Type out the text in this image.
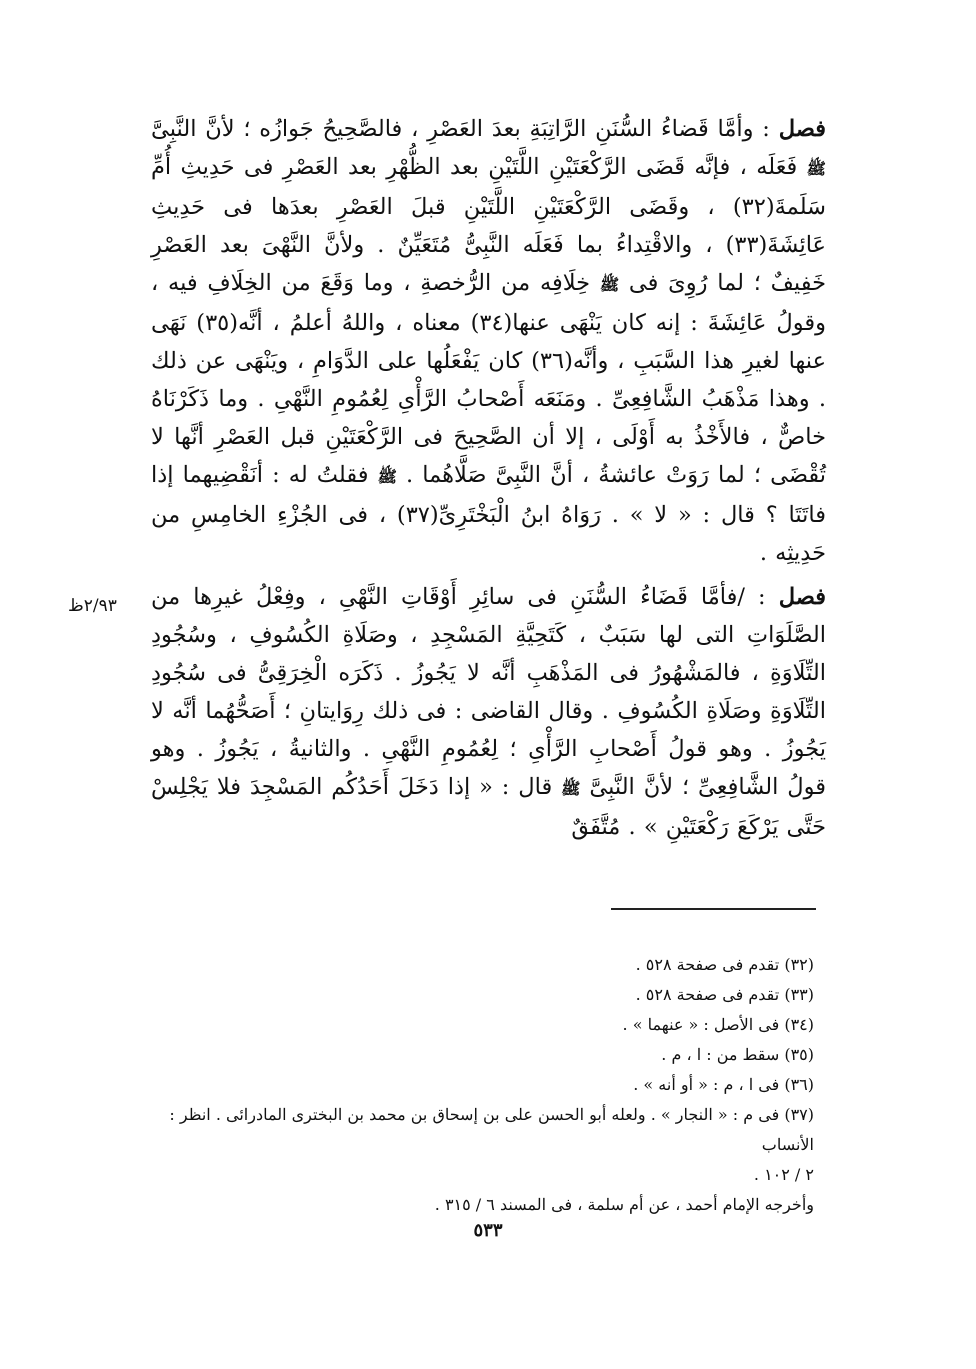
فصل : وأمَّا قَضاءُ السُّنَنِ الرَّاتِبَةِ بعدَ العَصْرِ ، فالصَّحِيحُ جَوازُه ؛ لأنَّ النَّبِىَّ ﷺ فَعَلَه ، فإنَّه قَضَى الرَّكْعَتَيْنِ اللَّتَيْنِ بعد الظُّهْرِ بعد العَصْرِ فى حَدِيثِ أُمِّ سَلَمةَ(٣٢) ، وقَضَى الرَّكْعَتَيْنِ اللَّتَيْنِ قبلَ العَصْرِ بعدَها فى حَدِيثِ عَائِشَةَ(٣٣) ، والاقْتِداءُ بما فَعَلَه النَّبِىُّ مُتَعَيِّنٌ . ولأنَّ النَّهْىَ بعد العَصْرِ خَفِيفٌ ؛ لما رُوِىَ فى ﷺ خِلَافِه من الرُّخصةِ ، وما وَقَعَ من الخِلَافِ فيه ، وقولُ عَائِشَةَ : إنه كان يَنْهَى عنها(٣٤) معناه ، واللهُ أعلمُ ، أنَّه(٣٥) نَهَى عنها لغيرِ هذا السَّبَبِ ، وأنَّه(٣٦) كان يَفْعَلُها على الدَّوَامِ ، ويَنْهَى عن ذلك . وهذا مَذْهَبُ الشَّافِعِىِّ . ومَنَعَه أَصْحابُ الرَّأْىِ لِعُمُومِ النَّهْىِ . وما ذَكَرْنَاهُ خاصٌّ ، فالأَخْذُ به أَوْلَى ، إلا أن الصَّحِيحَ فى الرَّكْعَتَيْنِ قبل العَصْرِ أنَّها لا تُقْضَى ؛ لما رَوَتْ عائشةُ ، أنَّ النَّبِىَّ صَلَّاهُما . ﷺ فقلتُ له : أنَقْضِيهما إذا فاتَتَا ؟ قال : « لا » . رَوَاهُ ابنُ الْبَخْتَرِىِّ(٣٧) ، فى الجُزْءِ الخامِسِ من حَدِيثِه .

فصل : /فأمَّا قَضَاءُ السُّنَنِ فى سائِرِ أَوْقَاتِ النَّهْىِ ، وفِعْلُ غيرِها من الصَّلَوَاتِ التى لها سَبَبٌ ، كَتَحِيَّةِ المَسْجِدِ ، وصَلَاةِ الكُسُوفِ ، وسُجُودِ التِّلَاوَةِ ، فالمَشْهُورُ فى المَذْهَبِ أنَّه لا يَجُوزُ . ذَكَرَه الْخِرَقِىُّ فى سُجُودِ التِّلَاوَةِ وصَلَاةِ الكُسُوفِ . وقال القاضى : فى ذلك رِوَايتانِ ؛ أَصَحُّهُما أنَّه لا يَجُوزُ . وهو قولُ أَصْحابِ الرَّأْىِ ؛ لِعُمُومِ النَّهْىِ . والثانيةُ ، يَجُوزُ . وهو قولُ الشَّافِعِىِّ ؛ لأنَّ النَّبِىَّ ﷺ قال : « إذا دَخَلَ أَحَدُكُم المَسْجِدَ فلا يَجْلِسْ حَتَّى يَرْكَعَ رَكْعَتَيْنِ » . مُتَّفَقٌ

٢/٩٣ظ

(٣٢) تقدم فى صفحة ٥٢٨ .

(٣٣) تقدم فى صفحة ٥٢٨ .

(٣٤) فى الأصل : « عنهما » .

(٣٥) سقط من : ا ، م .

(٣٦) فى ا ، م : « أو أنه » .

(٣٧) فى م : « النجار » . ولعله أبو الحسن على بن إسحاق بن محمد بن البخترى المادرائى . انظر : الأنساب

٢ / ١٠٢ .

وأخرجه الإمام أحمد ، عن أم سلمة ، فى المسند ٦ / ٣١٥ .

٥٣٣
